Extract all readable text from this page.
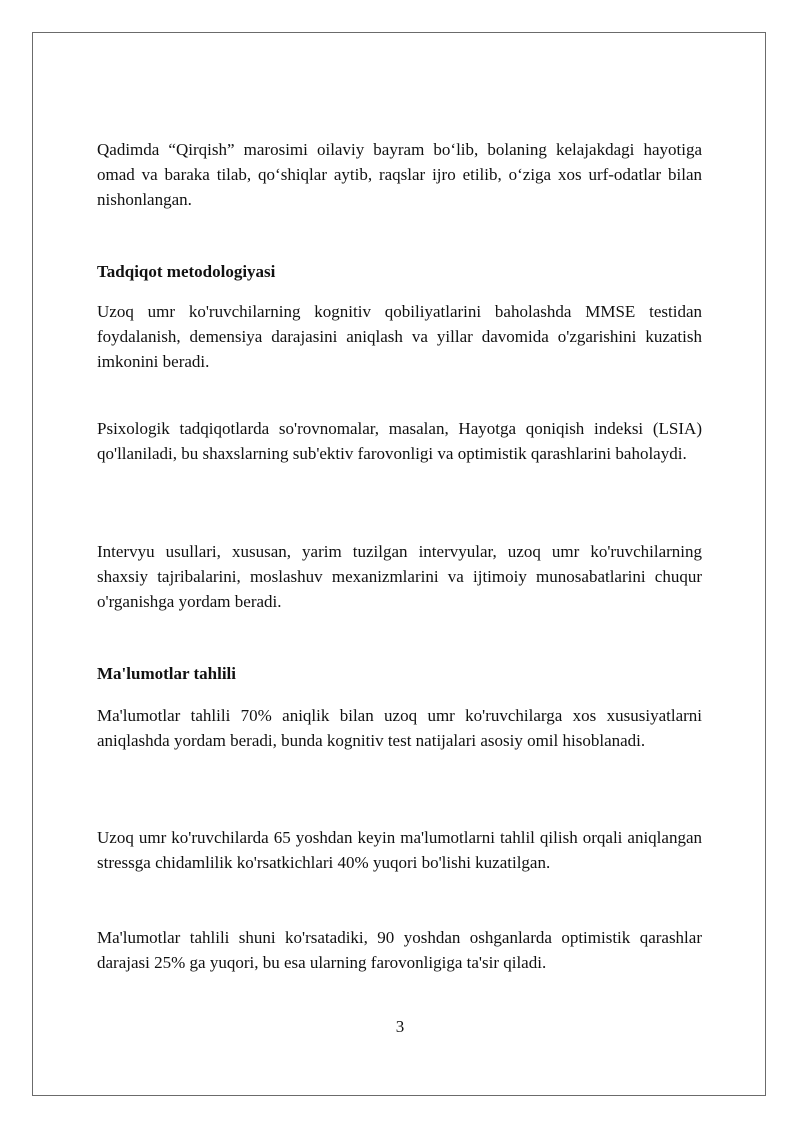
Qadimda “Qirqish” marosimi oilaviy bayram bo‘lib, bolaning kelajakdagi hayotiga omad va baraka tilab, qo‘shiqlar aytib, raqslar ijro etilib, o‘ziga xos urf-odatlar bilan nishonlangan.

Tadqiqot metodologiyasi

Uzoq umr ko'ruvchilarning kognitiv qobiliyatlarini baholashda MMSE testidan foydalanish, demensiya darajasini aniqlash va yillar davomida o'zgarishini kuzatish imkonini beradi.

Psixologik tadqiqotlarda so'rovnomalar, masalan, Hayotga qoniqish indeksi (LSIA) qo'llaniladi, bu shaxslarning sub'ektiv farovonligi va optimistik qarashlarini baholaydi.

Intervyu usullari, xususan, yarim tuzilgan intervyular, uzoq umr ko'ruvchilarning shaxsiy tajribalarini, moslashuv mexanizmlarini va ijtimoiy munosabatlarini chuqur o'rganishga yordam beradi.

Ma'lumotlar tahlili

Ma'lumotlar tahlili 70% aniqlik bilan uzoq umr ko'ruvchilarga xos xususiyatlarni aniqlashda yordam beradi, bunda kognitiv test natijalari asosiy omil hisoblanadi.

Uzoq umr ko'ruvchilarda 65 yoshdan keyin ma'lumotlarni tahlil qilish orqali aniqlangan stressga chidamlilik ko'rsatkichlari 40% yuqori bo'lishi kuzatilgan.

Ma'lumotlar tahlili shuni ko'rsatadiki, 90 yoshdan oshganlarda optimistik qarashlar darajasi 25% ga yuqori, bu esa ularning farovonligiga ta'sir qiladi.

3
